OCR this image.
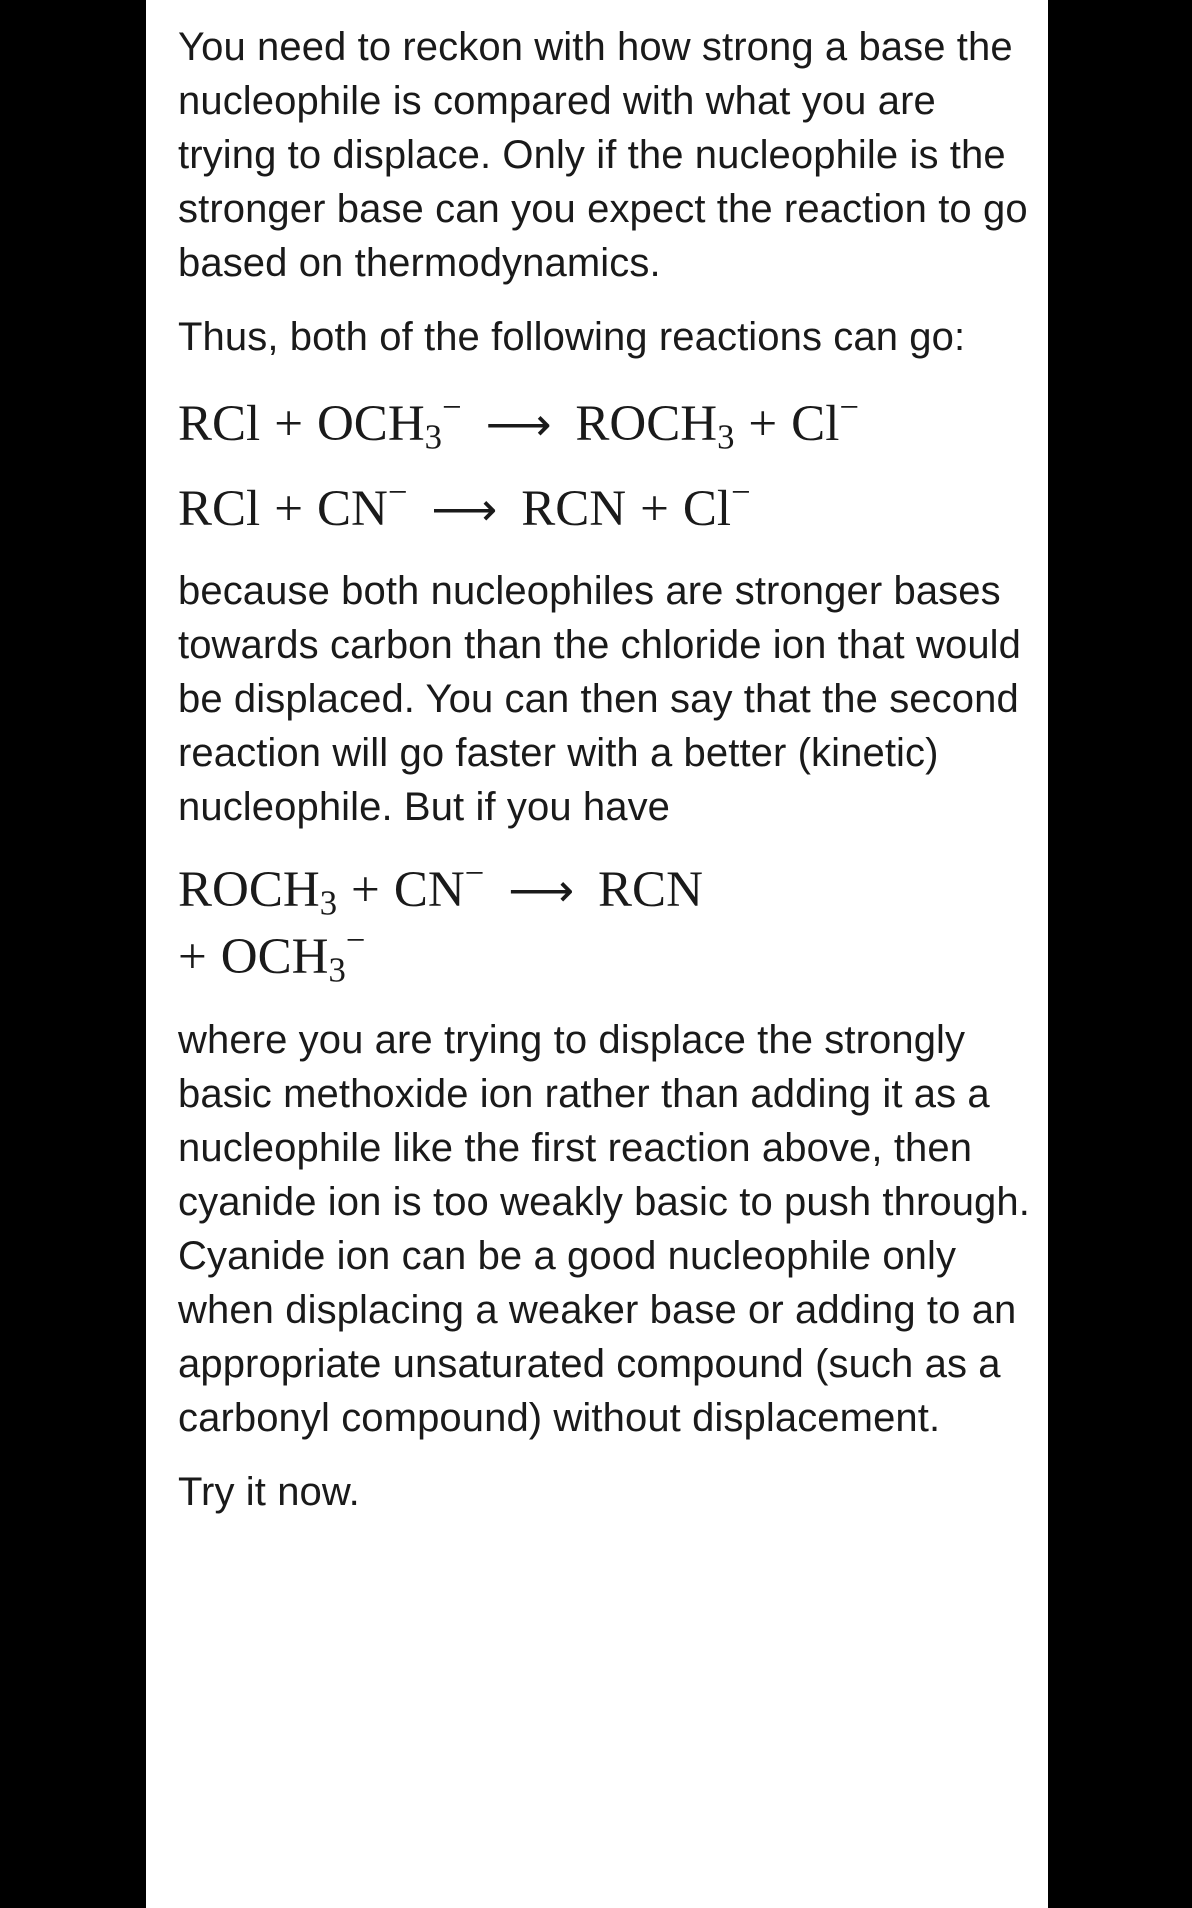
You need to reckon with how strong a base the nucleophile is compared with what you are trying to displace. Only if the nucleophile is the stronger base can you expect the reaction to go based on thermodynamics.

Thus, both of the following reactions can go:

RCl + $OCH_3^-$ ⟶ $ROCH_3 + Cl^-$
RCl + CN− ⟶ RCN + Cl−

because both nucleophiles are stronger bases towards carbon than the chloride ion that would be displaced. You can then say that the second reaction will go faster with a better (kinetic) nucleophile. But if you have

$ROCH_3 + CN^-$ ⟶ RCN
+ $OCH_3^-$

where you are trying to displace the strongly basic methoxide ion rather than adding it as a nucleophile like the first reaction above, then cyanide ion is too weakly basic to push through. Cyanide ion can be a good nucleophile only when displacing a weaker base or adding to an appropriate unsaturated compound (such as a carbonyl compound) without displacement.

Try it now.
